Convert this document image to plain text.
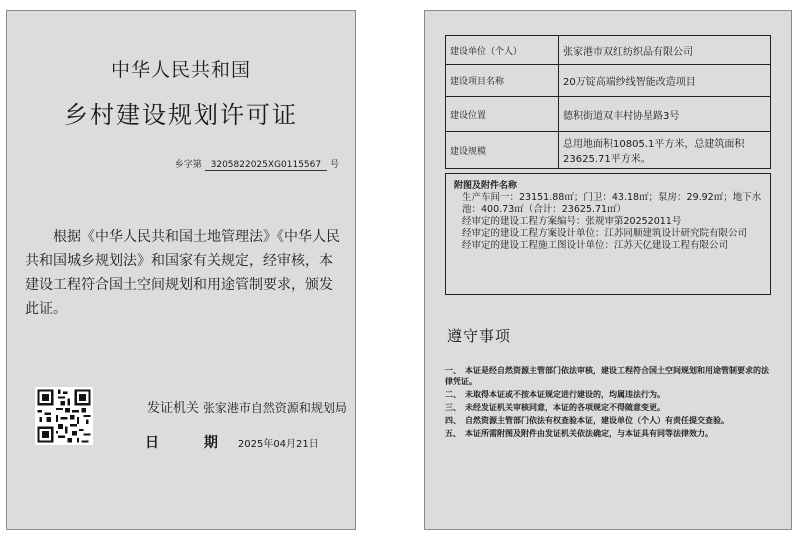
中华人民共和国
乡村建设规划许可证
乡字第 3205822025XG0115567 号
根据《中华人民共和国土地管理法》《中华人民共和国城乡规划法》和国家有关规定，经审核，本建设工程符合国土空间规划和用途管制要求，颁发此证。
发证机关 张家港市自然资源和规划局
日 期2025年04月21日
建设单位（个人）	张家港市双红纺织品有限公司
建设项目名称	20万锭高端纱线智能改造项目
建设位置	德积街道双丰村协星路3号
建设规模	总用地面积10805.1平方米，总建筑面积23625.71平方米。
附图及附件名称
生产车间一：23151.88㎡；门卫：43.18㎡；泵房：29.92㎡；地下水池：400.73㎡（合计：23625.71㎡）
经审定的建设工程方案编号：张规审第20252011号
经审定的建设工程方案设计单位：江苏同顺建筑设计研究院有限公司
经审定的建设工程施工图设计单位：江苏天亿建设工程有限公司
遵守事项
一、 本证是经自然资源主管部门依法审核，建设工程符合国土空间规划和用途管制要求的法律凭证。
二、 未取得本证或不按本证规定进行建设的，均属违法行为。
三、 未经发证机关审核同意，本证的各项规定不得随意变更。
四、 自然资源主管部门依法有权查验本证，建设单位（个人）有责任提交查验。
五、 本证所需附图及附件由发证机关依法确定，与本证具有同等法律效力。
